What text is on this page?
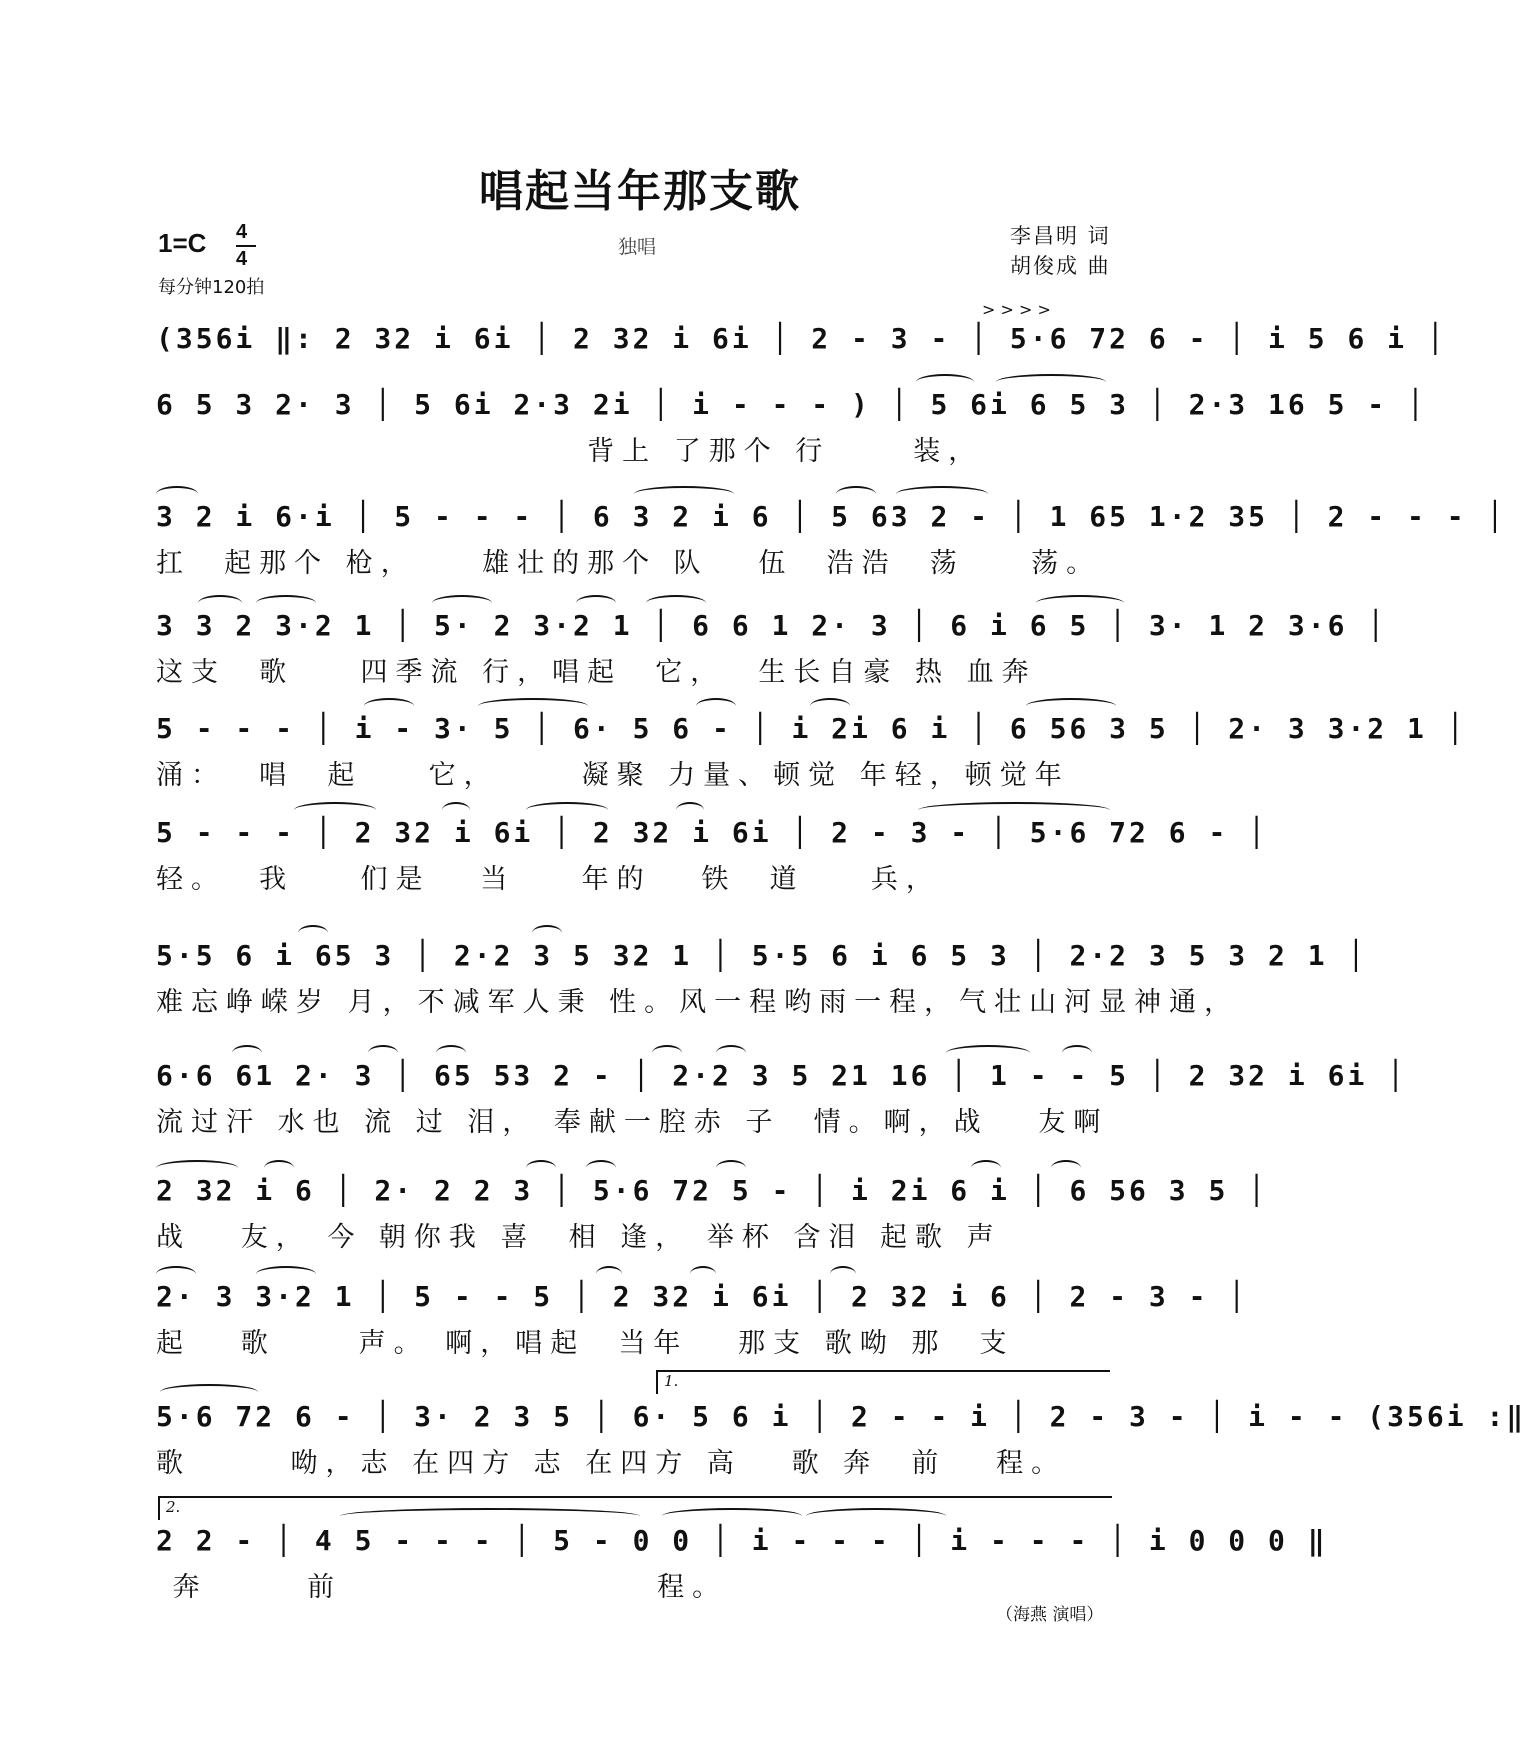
唱起当年那支歌
1=C 4
4
每分钟120拍
独唱	李昌明 词
胡俊成 曲
> > > >
(356i ‖: 2 32 i 6i │ 2 32 i 6i │ 2 - 3 - │ 5·6 72 6 - │ i 5 6 i │
6 5 3 2· 3 │ 5 6i 2·3 2i │ i - - - ) │ 5 6i 6 5 3 │ 2·3 16 5 - │
背上 了那个 行     装，
3 2 i 6·i │ 5 - - - │ 6 3 2 i 6 │ 5 63 2 - │ 1 65 1·2 35 │ 2 - - - │
扛  起那个 枪，    雄壮的那个 队   伍  浩浩  荡    荡。
3 3 2 3·2 1 │ 5· 2 3·2 1 │ 6 6 1 2· 3 │ 6 i 6 5 │ 3· 1 2 3·6 │
这支  歌    四季流 行，唱起  它，  生长自豪 热 血奔
5 - - - │ i - 3· 5 │ 6· 5 6 - │ i 2i 6 i │ 6 56 3 5 │ 2· 3 3·2 1 │
涌：  唱  起    它，     凝聚 力量、顿觉 年轻，顿觉年
5 - - - │ 2 32 i 6i │ 2 32 i 6i │ 2 - 3 - │ 5·6 72 6 - │
轻。  我    们是   当    年的   铁  道    兵，
5·5 6 i 65 3 │ 2·2 3 5 32 1 │ 5·5 6 i 6 5 3 │ 2·2 3 5 3 2 1 │
难忘峥嵘岁 月，不减军人秉 性。风一程哟雨一程，气壮山河显神通，
6·6 61 2· 3 │ 65 53 2 - │ 2·2 3 5 21 16 │ 1 - - 5 │ 2 32 i 6i │
流过汗 水也 流 过 泪， 奉献一腔赤 子  情。啊，战   友啊
2 32 i 6 │ 2· 2 2 3 │ 5·6 72 5 - │ i 2i 6 i │ 6 56 3 5 │
战   友， 今 朝你我 喜  相 逢， 举杯 含泪 起歌 声
2· 3 3·2 1 │ 5 - - 5 │ 2 32 i 6i │ 2 32 i 6 │ 2 - 3 - │
起   歌     声。 啊，唱起  当年   那支 歌呦 那  支
1.
5·6 72 6 - │ 3· 2 3 5 │ 6· 5 6 i │ 2 - - i │ 2 - 3 - │ i - - (356i :‖
歌      呦，志 在四方 志 在四方 高   歌 奔  前   程。
2.
2 2 - │ 4 5 - - - │ 5 - 0 0 │ i - - - │ i - - - │ i 0 0 0 ‖
奔      前                   程。
（海燕 演唱）
